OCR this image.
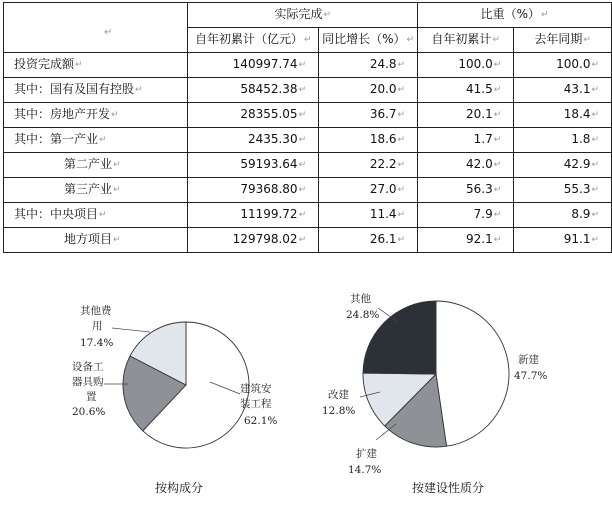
↵	实际完成↵		比重（%）↵	
	自年初累计（亿元）↵	同比增长（%）↵	自年初累计↵	去年同期↵
投资完成额↵	140997.74↵	24.8↵	100.0↵	100.0↵
其中：国有及国有控股↵	58452.38↵	20.0↵	41.5↵	43.1↵
其中：房地产开发↵	28355.05↵	36.7↵	20.1↵	18.4↵
其中：第一产业↵	2435.30↵	18.6↵	1.7↵	1.8↵
第二产业↵	59193.64↵	22.2↵	42.0↵	42.9↵
第三产业↵	79368.80↵	27.0↵	56.3↵	55.3↵
其中：中央项目↵	11199.72↵	11.4↵	7.9↵	8.9↵
地方项目↵	129798.02↵	26.1↵	92.1↵	91.1↵
其他费
用
17.4%
设备工
器具购
置
20.6%
建筑安
装工程
62.1%
按构成分
其他
24.8%
新建
47.7%
改建
12.8%
扩建
14.7%
按建设性质分
